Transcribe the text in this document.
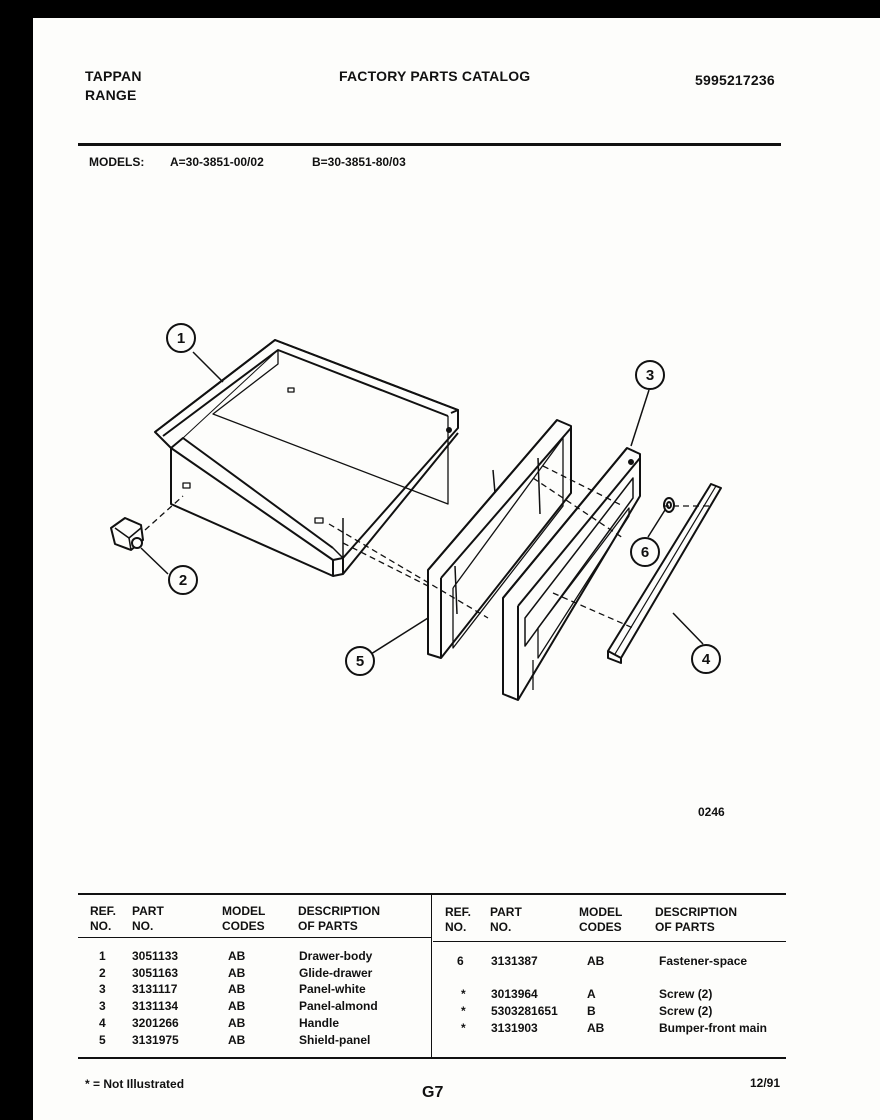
TAPPAN
RANGE
FACTORY PARTS CATALOG	5995217236
MODELS: A=30-3851-00/02	B=30-3851-80/03
1
2
3
4
5
6
0246
REF.
NO.
PART
NO.
MODEL
CODES
DESCRIPTION
OF PARTS
REF.
NO.
PART
NO.
MODEL
CODES
DESCRIPTION
OF PARTS
1 3051133	AB	Drawer-body
2 3051163	AB	Glide-drawer
3 3131117	AB	Panel-white
3 3131134	AB	Panel-almond
4 3201266	AB	Handle
5 3131975	AB	Shield-panel
6 3131387	AB	Fastener-space
* 3013964	A	Screw (2)
* 5303281651 B	Screw (2)
* 3131903	AB	Bumper-front main
* = Not Illustrated	G7
12/91
